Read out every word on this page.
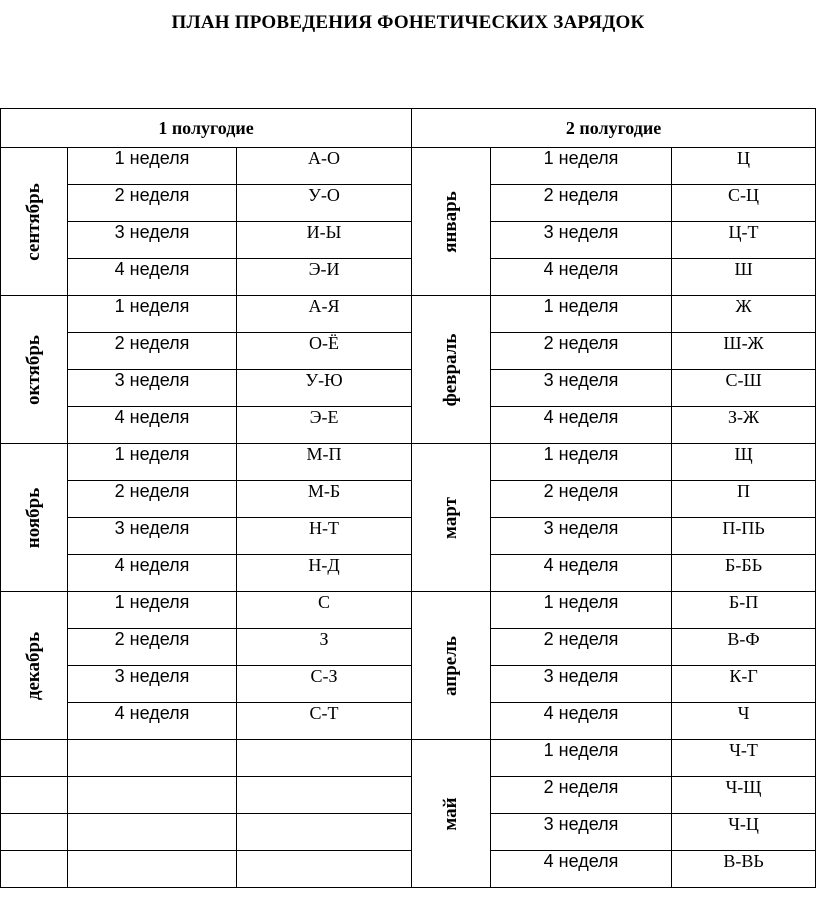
ПЛАН ПРОВЕДЕНИЯ ФОНЕТИЧЕСКИХ ЗАРЯДОК
1 полугодие			2 полугодие		

сентябрь	1 неделя	А-О	январь	1 неделя	Ц
	2 неделя	У-О		2 неделя	С-Ц
	3 неделя	И-Ы		3 неделя	Ц-Т
	4 неделя	Э-И		4 неделя	Ш

октябрь	1 неделя	А-Я	февраль	1 неделя	Ж
	2 неделя	О-Ё		2 неделя	Ш-Ж
	3 неделя	У-Ю		3 неделя	С-Ш
	4 неделя	Э-Е		4 неделя	З-Ж

ноябрь	1 неделя	М-П	март	1 неделя	Щ
	2 неделя	М-Б		2 неделя	П
	3 неделя	Н-Т		3 неделя	П-ПЬ
	4 неделя	Н-Д		4 неделя	Б-БЬ

декабрь	1 неделя	С	апрель	1 неделя	Б-П
	2 неделя	З		2 неделя	В-Ф
	3 неделя	С-З		3 неделя	К-Г
	4 неделя	С-Т		4 неделя	Ч

			май	1 неделя	Ч-Т
				2 неделя	Ч-Щ
				3 неделя	Ч-Ц
				4 неделя	В-ВЬ
